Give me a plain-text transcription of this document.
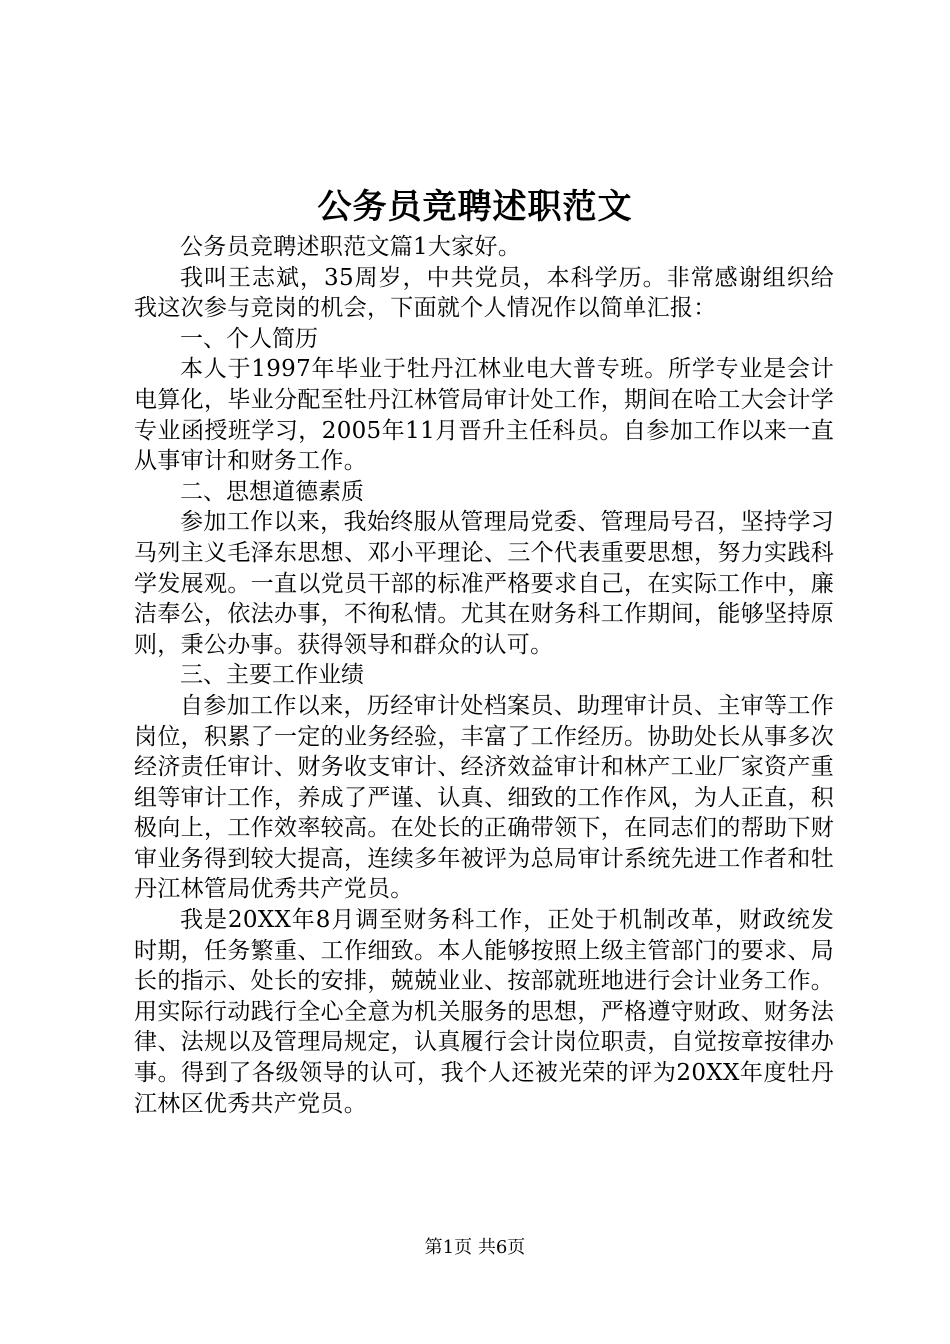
公务员竞聘述职范文

公务员竞聘述职范文篇1大家好。

我叫王志斌，35周岁，中共党员，本科学历。非常感谢组织给我这次参与竞岗的机会，下面就个人情况作以简单汇报：

一、个人简历

本人于1997年毕业于牡丹江林业电大普专班。所学专业是会计电算化，毕业分配至牡丹江林管局审计处工作，期间在哈工大会计学专业函授班学习，2005年11月晋升主任科员。自参加工作以来一直从事审计和财务工作。

二、思想道德素质

参加工作以来，我始终服从管理局党委、管理局号召，坚持学习马列主义毛泽东思想、邓小平理论、三个代表重要思想，努力实践科学发展观。一直以党员干部的标准严格要求自己，在实际工作中，廉洁奉公，依法办事，不徇私情。尤其在财务科工作期间，能够坚持原则，秉公办事。获得领导和群众的认可。

三、主要工作业绩

自参加工作以来，历经审计处档案员、助理审计员、主审等工作岗位，积累了一定的业务经验，丰富了工作经历。协助处长从事多次经济责任审计、财务收支审计、经济效益审计和林产工业厂家资产重组等审计工作，养成了严谨、认真、细致的工作作风，为人正直，积极向上，工作效率较高。在处长的正确带领下，在同志们的帮助下财审业务得到较大提高，连续多年被评为总局审计系统先进工作者和牡丹江林管局优秀共产党员。

我是20XX年8月调至财务科工作，正处于机制改革，财政统发时期，任务繁重、工作细致。本人能够按照上级主管部门的要求、局长的指示、处长的安排，兢兢业业、按部就班地进行会计业务工作。用实际行动践行全心全意为机关服务的思想，严格遵守财政、财务法律、法规以及管理局规定，认真履行会计岗位职责，自觉按章按律办事。得到了各级领导的认可，我个人还被光荣的评为20XX年度牡丹江林区优秀共产党员。

第1页 共6页
